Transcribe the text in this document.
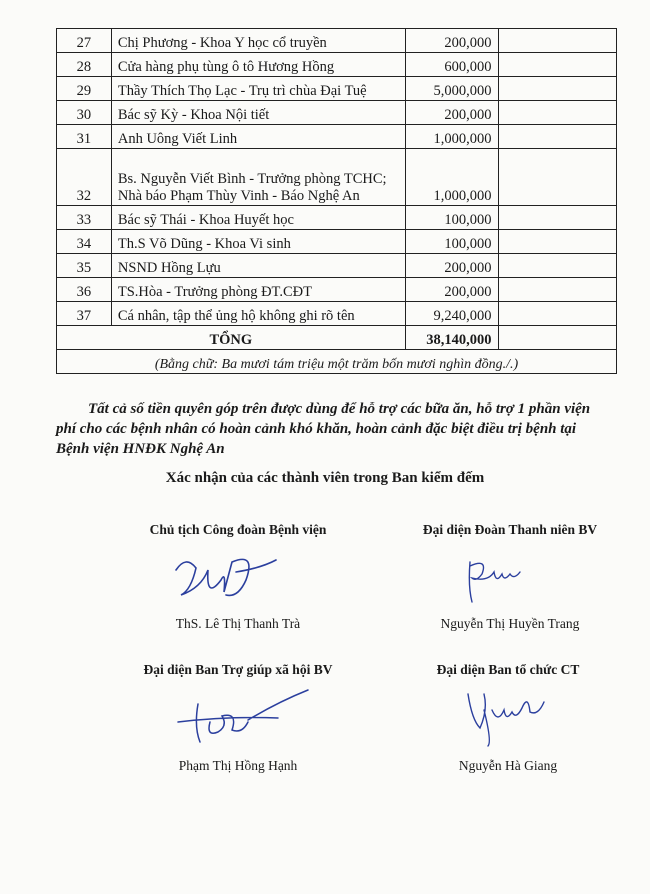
27	Chị Phương - Khoa Y học cổ truyền	200,000	
28	Cửa hàng phụ tùng ô tô Hương Hồng	600,000	
29	Thầy Thích Thọ Lạc - Trụ trì chùa Đại Tuệ	5,000,000	
30	Bác sỹ Kỳ - Khoa Nội tiết	200,000	
31	Anh Uông Viết Linh	1,000,000	
32	Bs. Nguyễn Viết Bình - Trưởng phòng TCHC;
Nhà báo Phạm Thùy Vinh - Báo Nghệ An	1,000,000	
33	Bác sỹ Thái - Khoa Huyết học	100,000	
34	Th.S Võ Dũng - Khoa Vi sinh	100,000	
35	NSND Hồng Lựu	200,000	
36	TS.Hòa - Trưởng phòng ĐT.CĐT	200,000	
37	Cá nhân, tập thể ủng hộ không ghi rõ tên	9,240,000	
TỔNG		38,140,000	
(Bằng chữ: Ba mươi tám triệu một trăm bốn mươi nghìn đồng./.)			

Tất cả số tiền quyên góp trên được dùng để hỗ trợ các bữa ăn, hỗ trợ 1 phần viện phí cho các bệnh nhân có hoàn cảnh khó khăn, hoàn cảnh đặc biệt điều trị bệnh tại Bệnh viện HNĐK Nghệ An

Xác nhận của các thành viên trong Ban kiểm đếm
Chủ tịch Công đoàn Bệnh viện
ThS. Lê Thị Thanh Trà
Đại diện Đoàn Thanh niên BV
Nguyễn Thị Huyền Trang
Đại diện Ban Trợ giúp xã hội BV
Phạm Thị Hồng Hạnh
Đại diện Ban tổ chức CT
Nguyễn Hà Giang
